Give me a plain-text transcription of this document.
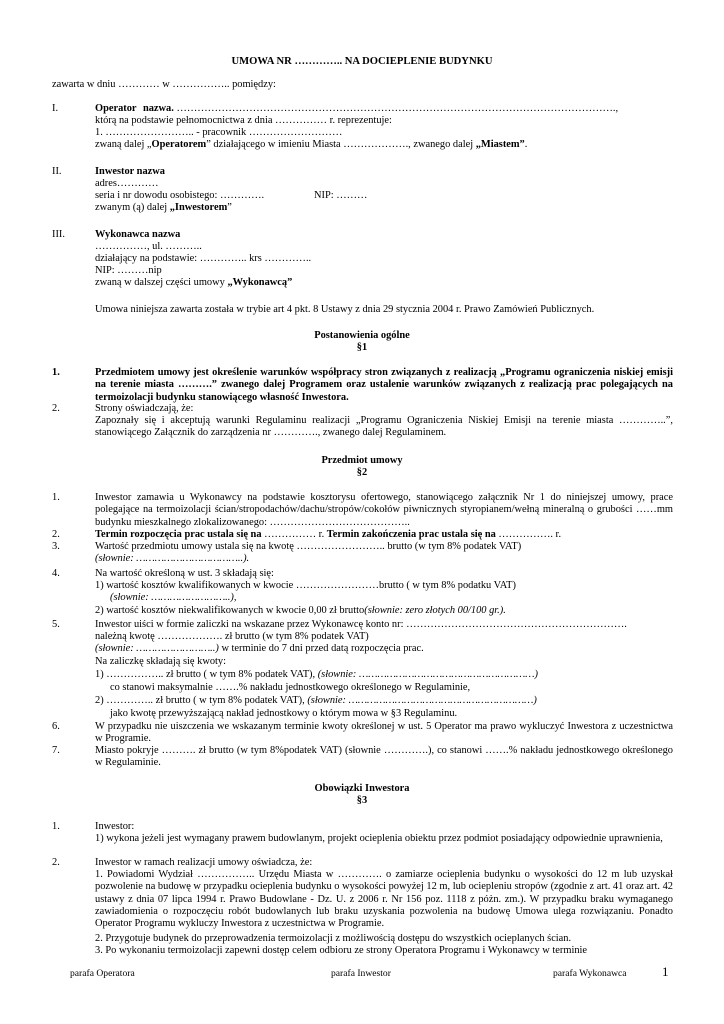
UMOWA NR ………….. NA DOCIEPLENIE BUDYNKU
zawarta w dniu ………… w …………….. pomiędzy:
I.	Operator nazwa. ……………………………………………………………………………………………………………….,
którą na podstawie pełnomocnictwa z dnia …………… r. reprezentuje:
1. …………………….. - pracownik ………………………
zwaną dalej „Operatorem” działającego w imieniu Miasta ………………., zwanego dalej „Miastem”.
II.	Inwestor nazwa
adres…………
seria i nr dowodu osobistego: ………….	NIP: ………
zwanym (ą) dalej „Inwestorem”
III.	Wykonawca nazwa
……………, ul. ………..
działający na podstawie: ………….. krs …………..
NIP: ………nip
zwaną w dalszej części umowy „Wykonawcą”
Umowa niniejsza zawarta została w trybie art 4 pkt. 8 Ustawy z dnia 29 stycznia 2004 r. Prawo Zamówień Publicznych.
Postanowienia ogólne
§1
1.	Przedmiotem umowy jest określenie warunków współpracy stron związanych z realizacją „Programu ograniczenia niskiej emisji na terenie miasta ……….” zwanego dalej Programem oraz ustalenie warunków związanych z realizacją prac polegających na termoizolacji budynku stanowiącego własność Inwestora.
2.	Strony oświadczają, że:
Zapoznały się i akceptują warunki Regulaminu realizacji „Programu Ograniczenia Niskiej Emisji na terenie miasta …………..”, stanowiącego Załącznik do zarządzenia nr …………., zwanego dalej Regulaminem.
Przedmiot umowy
§2
1.	Inwestor zamawia u Wykonawcy na podstawie kosztorysu ofertowego, stanowiącego załącznik Nr 1 do niniejszej umowy, prace polegające na termoizolacji ścian/stropodachów/dachu/stropów/cokołów piwnicznych styropianem/wełną mineralną o grubości ……mm budynku mieszkalnego zlokalizowanego: …………………………………..
2.	Termin rozpoczęcia prac ustala się na …………… r. Termin zakończenia prac ustala się na ……………. r.
3.	Wartość przedmiotu umowy ustala się na kwotę …………………….. brutto (w tym 8% podatek VAT)
(słownie: ……………………………..).
4.	Na wartość określoną w ust. 3 składają się:
1) wartość kosztów kwalifikowanych w kwocie ……………………brutto ( w tym 8% podatku VAT)
(słownie: ……………………..),
2) wartość kosztów niekwalifikowanych w kwocie 0,00 zł brutto(słownie: zero złotych 00/100 gr.).
5.	Inwestor uiści w formie zaliczki na wskazane przez Wykonawcę konto nr: ……………………………………………………….
należną kwotę ………………. zł brutto (w tym 8% podatek VAT)
(słownie: ……………………..) w terminie do 7 dni przed datą rozpoczęcia prac.
Na zaliczkę składają się kwoty:
1) …………….. zł brutto ( w tym 8% podatek VAT), (słownie: …………………………………………………)
co stanowi maksymalnie …….% nakładu jednostkowego określonego w Regulaminie,
2) ………….. zł brutto ( w tym 8% podatek VAT), (słownie: ……………………………………………………)
jako kwotę przewyższającą nakład jednostkowy o którym mowa w §3 Regulaminu.
6.	W przypadku nie uiszczenia we wskazanym terminie kwoty określonej w ust. 5 Operator ma prawo wykluczyć Inwestora z uczestnictwa w Programie.
7.	Miasto pokryje ………. zł brutto (w tym 8%podatek VAT) (słownie ………….), co stanowi …….% nakładu jednostkowego określonego w Regulaminie.
Obowiązki Inwestora
§3
1.	Inwestor:
1) wykona jeżeli jest wymagany prawem budowlanym, projekt ocieplenia obiektu przez podmiot posiadający odpowiednie uprawnienia,
2.	Inwestor w ramach realizacji umowy oświadcza, że:
1. Powiadomi Wydział …………….. Urzędu Miasta w …………. o zamiarze ocieplenia budynku o wysokości do 12 m lub uzyskał pozwolenie na budowę w przypadku ocieplenia budynku o wysokości powyżej 12 m, lub ociepleniu stropów (zgodnie z art. 41 oraz art. 42 ustawy z dnia 07 lipca 1994 r. Prawo Budowlane - Dz. U. z 2006 r. Nr 156 poz. 1118 z póżn. zm.). W przypadku braku wymaganego zawiadomienia o rozpoczęciu robót budowlanych lub braku uzyskania pozwolenia na budowę Umowa ulega rozwiązaniu. Ponadto Operator Programu wykluczy Inwestora z uczestnictwa w Programie.
2. Przygotuje budynek do przeprowadzenia termoizolacji z możliwością dostępu do wszystkich ocieplanych ścian.
3. Po wykonaniu termoizolacji zapewni dostęp celem odbioru ze strony Operatora Programu i Wykonawcy w terminie
parafa Operatora	parafa Inwestor	parafa Wykonawca	1
